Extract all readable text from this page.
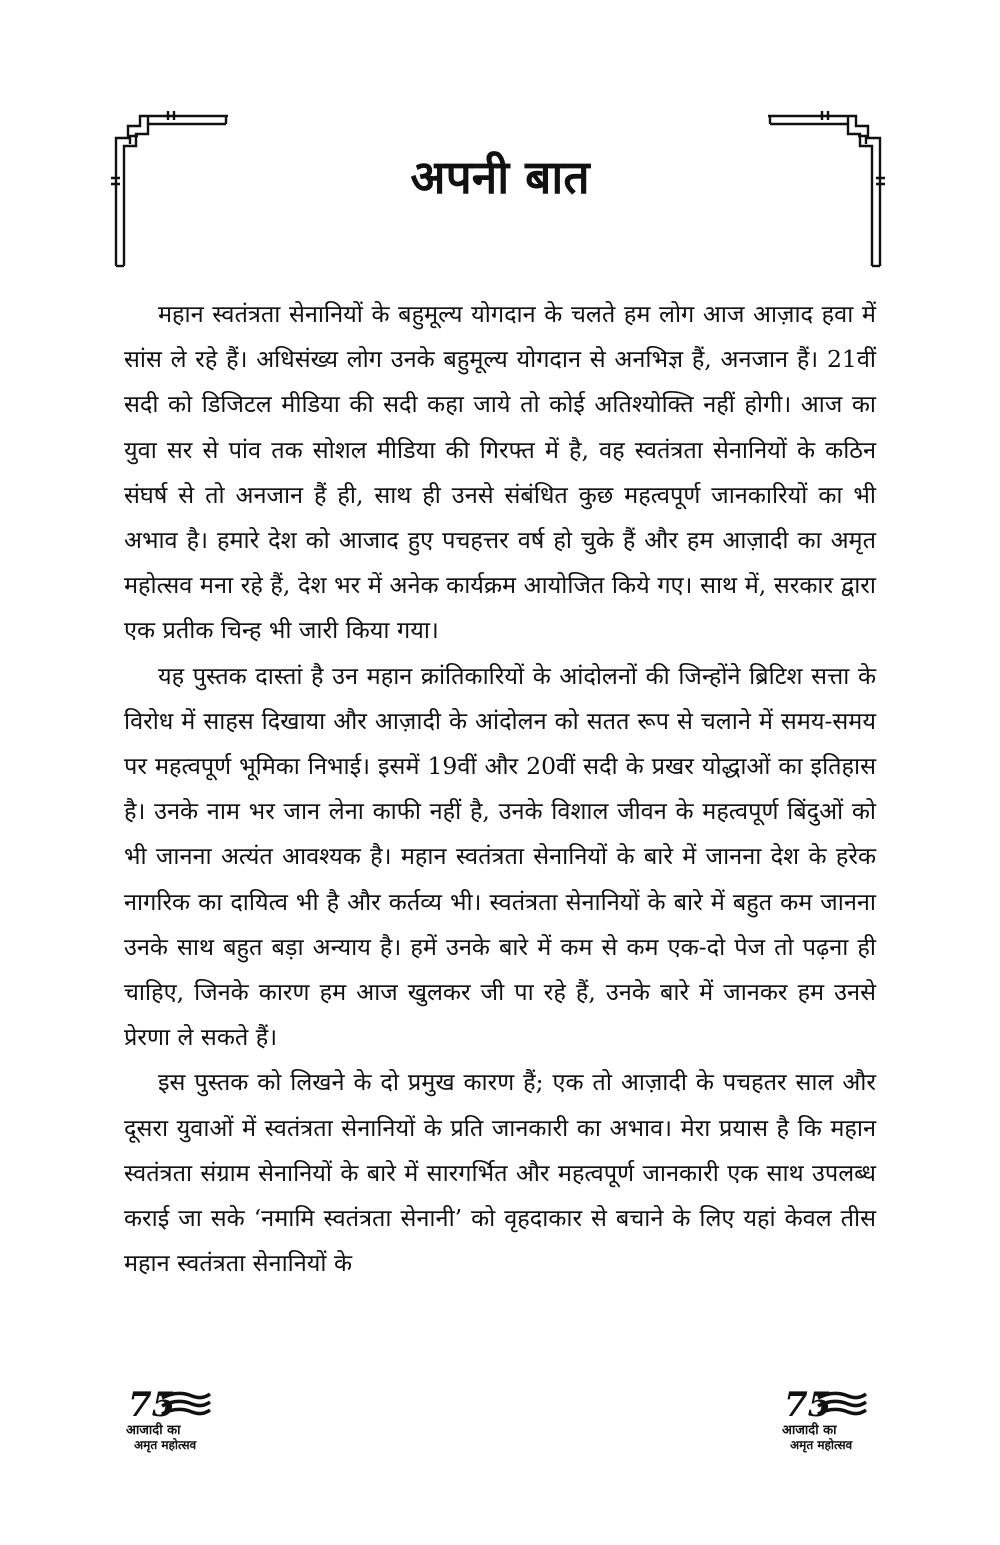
अपनी बात

महान स्वतंत्रता सेनानियों के बहुमूल्य योगदान के चलते हम लोग आज आज़ाद हवा में सांस ले रहे हैं। अधिसंख्य लोग उनके बहुमूल्य योगदान से अनभिज्ञ हैं, अनजान हैं। 21वीं सदी को डिजिटल मीडिया की सदी कहा जाये तो कोई अतिश्योक्ति नहीं होगी। आज का युवा सर से पांव तक सोशल मीडिया की गिरफ्त में है, वह स्वतंत्रता सेनानियों के कठिन संघर्ष से तो अनजान हैं ही, साथ ही उनसे संबंधित कुछ महत्वपूर्ण जानकारियों का भी अभाव है। हमारे देश को आजाद हुए पचहत्तर वर्ष हो चुके हैं और हम आज़ादी का अमृत महोत्सव मना रहे हैं, देश भर में अनेक कार्यक्रम आयोजित किये गए। साथ में, सरकार द्वारा एक प्रतीक चिन्ह भी जारी किया गया।

यह पुस्तक दास्तां है उन महान क्रांतिकारियों के आंदोलनों की जिन्होंने ब्रिटिश सत्ता के विरोध में साहस दिखाया और आज़ादी के आंदोलन को सतत रूप से चलाने में समय-समय पर महत्वपूर्ण भूमिका निभाई। इसमें 19वीं और 20वीं सदी के प्रखर योद्धाओं का इतिहास है। उनके नाम भर जान लेना काफी नहीं है, उनके विशाल जीवन के महत्वपूर्ण बिंदुओं को भी जानना अत्यंत आवश्यक है। महान स्वतंत्रता सेनानियों के बारे में जानना देश के हरेक नागरिक का दायित्व भी है और कर्तव्य भी। स्वतंत्रता सेनानियों के बारे में बहुत कम जानना उनके साथ बहुत बड़ा अन्याय है। हमें उनके बारे में कम से कम एक-दो पेज तो पढ़ना ही चाहिए, जिनके कारण हम आज खुलकर जी पा रहे हैं, उनके बारे में जानकर हम उनसे प्रेरणा ले सकते हैं।

इस पुस्तक को लिखने के दो प्रमुख कारण हैं; एक तो आज़ादी के पचहतर साल और दूसरा युवाओं में स्वतंत्रता सेनानियों के प्रति जानकारी का अभाव। मेरा प्रयास है कि महान स्वतंत्रता संग्राम सेनानियों के बारे में सारगर्भित और महत्वपूर्ण जानकारी एक साथ उपलब्ध कराई जा सके ‘नमामि स्वतंत्रता सेनानी’ को वृहदाकार से बचाने के लिए यहां केवल तीस महान स्वतंत्रता सेनानियों के

75
आजादी का
अमृत महोत्सव
75
आजादी का
अमृत महोत्सव
